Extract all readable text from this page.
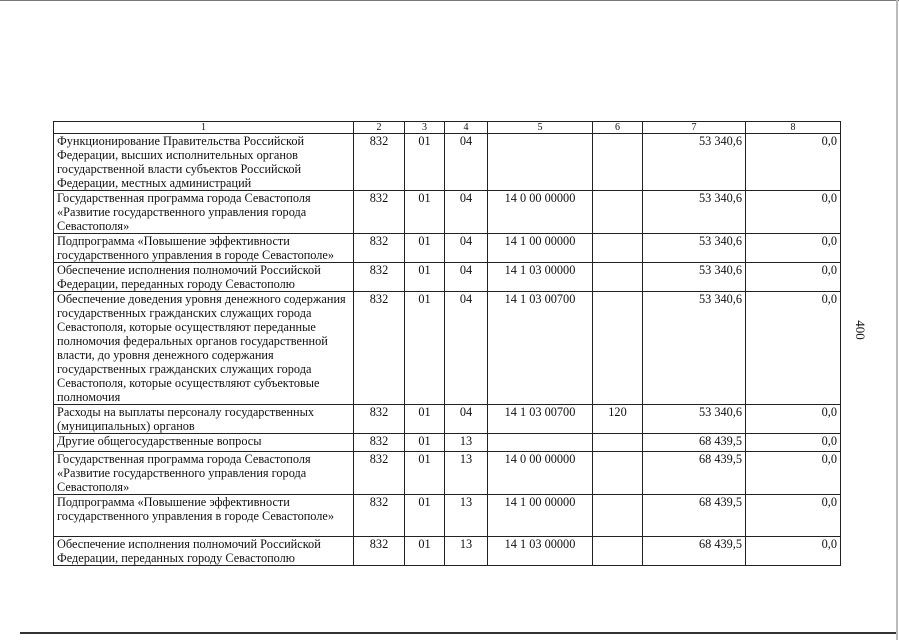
400
1	2	3	4	5	6	7	8
Функционирование Правительства Российской Федерации, высших исполнительных органов государственной власти субъектов Российской Федерации, местных администраций	832	01	04			53 340,6	0,0
Государственная программа города Севастополя «Развитие государственного управления города Севастополя»	832	01	04	14 0 00 00000		53 340,6	0,0
Подпрограмма «Повышение эффективности государственного управления в городе Севастополе»	832	01	04	14 1 00 00000		53 340,6	0,0
Обеспечение исполнения полномочий Российской Федерации, переданных городу Севастополю	832	01	04	14 1 03 00000		53 340,6	0,0
Обеспечение доведения уровня денежного содержания государственных гражданских служащих города Севастополя, которые осуществляют переданные полномочия федеральных органов государственной власти, до уровня денежного содержания государственных гражданских служащих города Севастополя, которые осуществляют субъектовые полномочия	832	01	04	14 1 03 00700		53 340,6	0,0
Расходы на выплаты персоналу государственных (муниципальных) органов	832	01	04	14 1 03 00700	120	53 340,6	0,0
Другие общегосударственные вопросы	832	01	13			68 439,5	0,0
Государственная программа города Севастополя «Развитие государственного управления города Севастополя»	832	01	13	14 0 00 00000		68 439,5	0,0
Подпрограмма «Повышение эффективности государственного управления в городе Севастополе»	832	01	13	14 1 00 00000		68 439,5	0,0
Обеспечение исполнения полномочий Российской Федерации, переданных городу Севастополю	832	01	13	14 1 03 00000		68 439,5	0,0
